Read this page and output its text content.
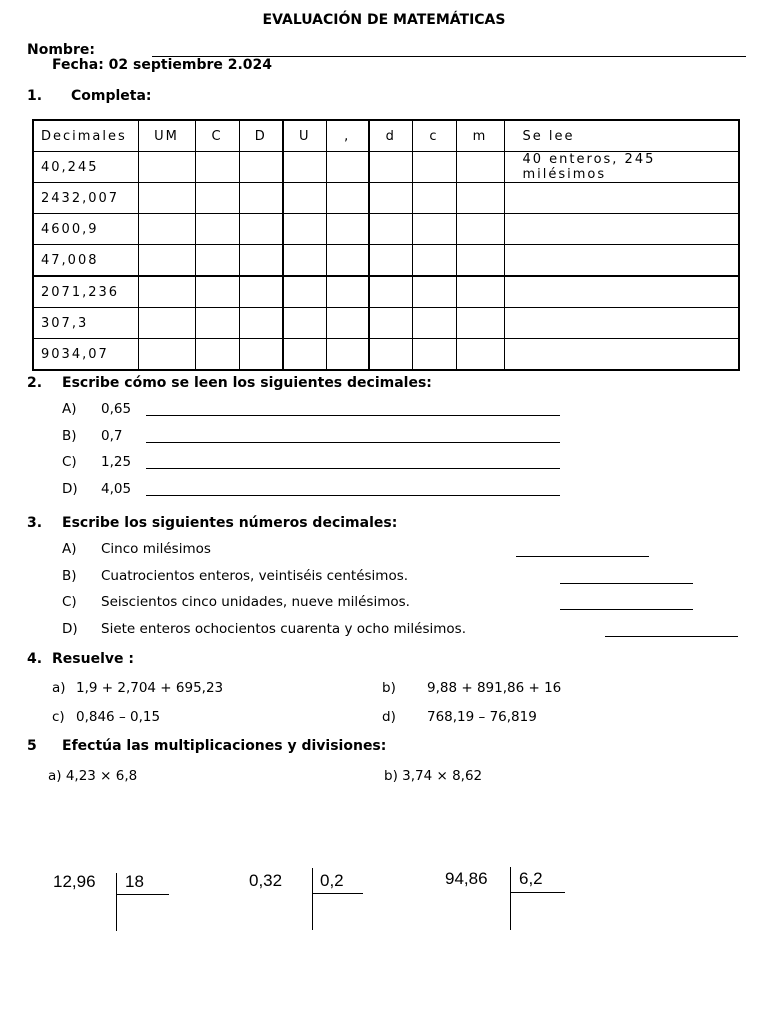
EVALUACIÓN DE MATEMÁTICAS
Nombre:
Fecha: 02 septiembre 2.024
1. Completa:
Decimales	UM	C	D	U	,	d	c	m	Se lee
40,245									40 enteros, 245 milésimos
2432,007									
4600,9									
47,008									
2071,236									
307,3									
9034,07									
2. Escribe cómo se leen los siguientes decimales:
A) 0,65
B) 0,7
C) 1,25
D) 4,05
3. Escribe los siguientes números decimales:
A) Cinco milésimos
B) Cuatrocientos enteros, veintiséis centésimos.
C) Seiscientos cinco unidades, nueve milésimos.
D) Siete enteros ochocientos cuarenta y ocho milésimos.
4. Resuelve :
a) 1,9 + 2,704 + 695,23	b) 9,88 + 891,86 + 16
c) 0,846 – 0,15	d) 768,19 – 76,819
5 Efectúa las multiplicaciones y divisiones:
a) 4,23 × 6,8	b) 3,74 × 8,62
12,96 18	0,32 0,2	94,86 6,2
